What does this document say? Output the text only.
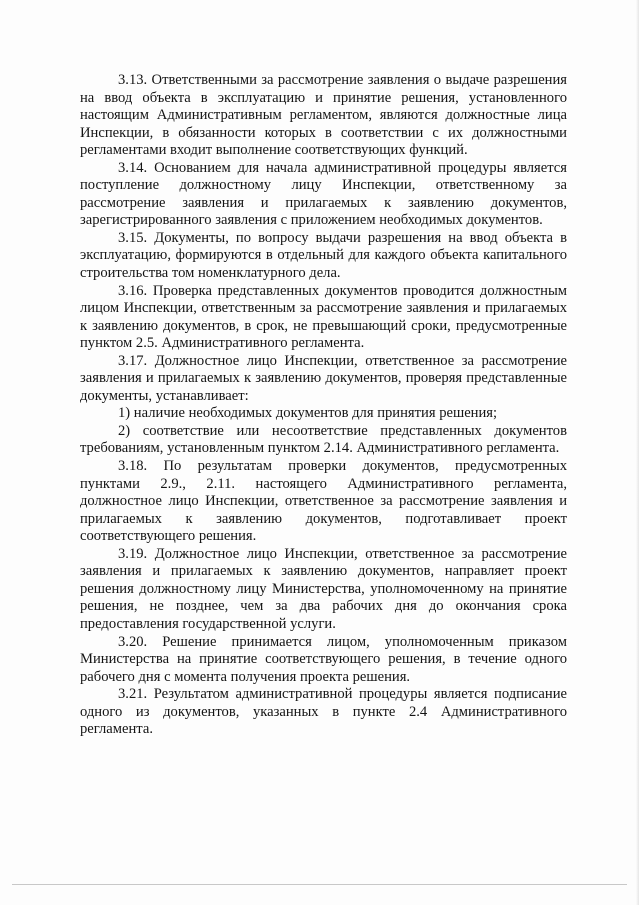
3.13. Ответственными за рассмотрение заявления о выдаче разрешения на ввод объекта в эксплуатацию и принятие решения, установленного настоящим Административным регламентом, являются должностные лица Инспекции, в обязанности которых в соответствии с их должностными регламентами входит выполнение соответствующих функций.

3.14. Основанием для начала административной процедуры является поступление должностному лицу Инспекции, ответственному за рассмотрение заявления и прилагаемых к заявлению документов, зарегистрированного заявления с приложением необходимых документов.

3.15. Документы, по вопросу выдачи разрешения на ввод объекта в эксплуатацию, формируются в отдельный для каждого объекта капитального строительства том номенклатурного дела.

3.16. Проверка представленных документов проводится должностным лицом Инспекции, ответственным за рассмотрение заявления и прилагаемых к заявлению документов, в срок, не превышающий сроки, предусмотренные пунктом 2.5. Административного регламента.

3.17. Должностное лицо Инспекции, ответственное за рассмотрение заявления и прилагаемых к заявлению документов, проверяя представленные документы, устанавливает:

1) наличие необходимых документов для принятия решения;

2) соответствие или несоответствие представленных документов требованиям, установленным пунктом 2.14. Административного регламента.

3.18. По результатам проверки документов, предусмотренных пунктами 2.9., 2.11. настоящего Административного регламента, должностное лицо Инспекции, ответственное за рассмотрение заявления и прилагаемых к заявлению документов, подготавливает проект соответствующего решения.

3.19. Должностное лицо Инспекции, ответственное за рассмотрение заявления и прилагаемых к заявлению документов, направляет проект решения должностному лицу Министерства, уполномоченному на принятие решения, не позднее, чем за два рабочих дня до окончания срока предоставления государственной услуги.

3.20. Решение принимается лицом, уполномоченным приказом Министерства на принятие соответствующего решения, в течение одного рабочего дня с момента получения проекта решения.

3.21. Результатом административной процедуры является подписание одного из документов, указанных в пункте 2.4 Административного регламента.
